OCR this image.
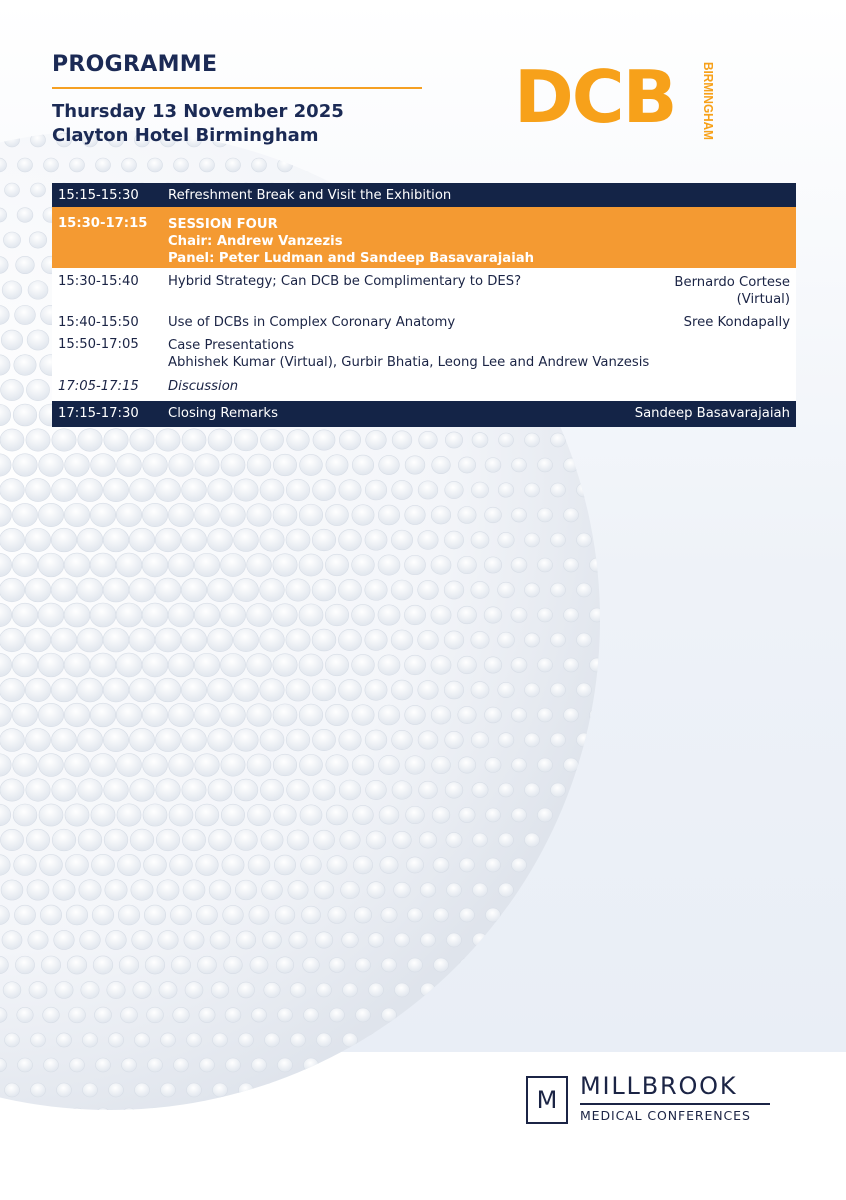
PROGRAMME
Thursday 13 November 2025
Clayton Hotel Birmingham	DCB BIRMINGHAM
15:15-15:30 Refreshment Break and Visit the Exhibition
15:30-17:15 SESSION FOUR
Chair: Andrew Vanzezis
Panel: Peter Ludman and Sandeep Basavarajaiah
15:30-15:40 Hybrid Strategy; Can DCB be Complimentary to DES?	Bernardo Cortese
(Virtual)
15:40-15:50 Use of DCBs in Complex Coronary Anatomy	Sree Kondapally
15:50-17:05 Case Presentations
Abhishek Kumar (Virtual), Gurbir Bhatia, Leong Lee and Andrew Vanzesis
17:05-17:15 Discussion
17:15-17:30 Closing Remarks	Sandeep Basavarajaiah
M MILLBROOK
MEDICAL CONFERENCES
